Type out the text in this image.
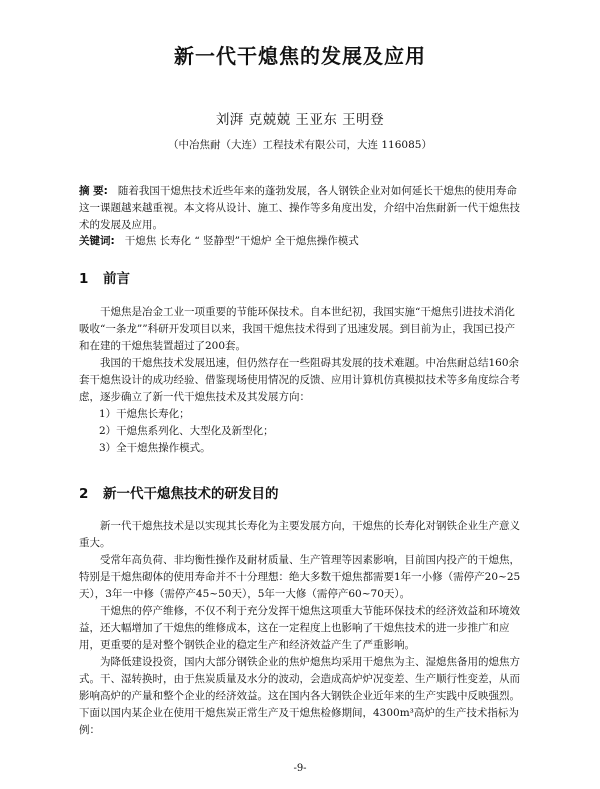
新一代干熄焦的发展及应用
刘湃 克兢兢 王亚东 王明登
（中冶焦耐（大连）工程技术有限公司，大连 116085）
摘 要: 随着我国干熄焦技术近些年来的蓬勃发展，各人钢铁企业对如何延长干熄焦的使用寿命这一课题越来越重视。本文将从设计、施工、操作等多角度出发，介绍中冶焦耐新一代干熄焦技术的发展及应用。
关键词: 干熄焦 长寿化 “ 竖静型”干熄炉 全干熄焦操作模式
1 前言

干熄焦是冶金工业一项重要的节能环保技术。自本世纪初，我国实施“干熄焦引进技术消化吸收“一条龙””科研开发项目以来，我国干熄焦技术得到了迅速发展。到目前为止，我国已投产和在建的干熄焦装置超过了200套。

我国的干熄焦技术发展迅速，但仍然存在一些阻碍其发展的技术难题。中冶焦耐总结160余套干熄焦设计的成功经验、借鉴现场使用情况的反馈、应用计算机仿真模拟技术等多角度综合考虑，逐步确立了新一代干熄焦技术及其发展方向：

1）干熄焦长寿化；

2）干熄焦系列化、大型化及新型化；

3）全干熄焦操作模式。

2 新一代干熄焦技术的研发目的

新一代干熄焦技术是以实现其长寿化为主要发展方向，干熄焦的长寿化对钢铁企业生产意义重大。

受常年高负荷、非均衡性操作及耐材质量、生产管理等因素影响，目前国内投产的干熄焦，特别是干熄焦砌体的使用寿命并不十分理想：绝大多数干熄焦都需要1年一小修（需停产20~25天），3年一中修（需停产45~50天），5年一大修（需停产60~70天）。

干熄焦的停产维修，不仅不利于充分发挥干熄焦这项重大节能环保技术的经济效益和环境效益，还大幅增加了干熄焦的维修成本，这在一定程度上也影响了干熄焦技术的进一步推广和应用，更重要的是对整个钢铁企业的稳定生产和经济效益产生了严重影响。

为降低建设投资，国内大部分钢铁企业的焦炉熄焦均采用干熄焦为主、湿熄焦备用的熄焦方式。干、湿转换时，由于焦炭质量及水分的波动，会造成高炉炉况变差、生产顺行性变差，从而影响高炉的产量和整个企业的经济效益。这在国内各大钢铁企业近年来的生产实践中反映强烈。下面以国内某企业在使用干熄焦炭正常生产及干熄焦检修期间，4300m³高炉的生产技术指标为例：

-9-
